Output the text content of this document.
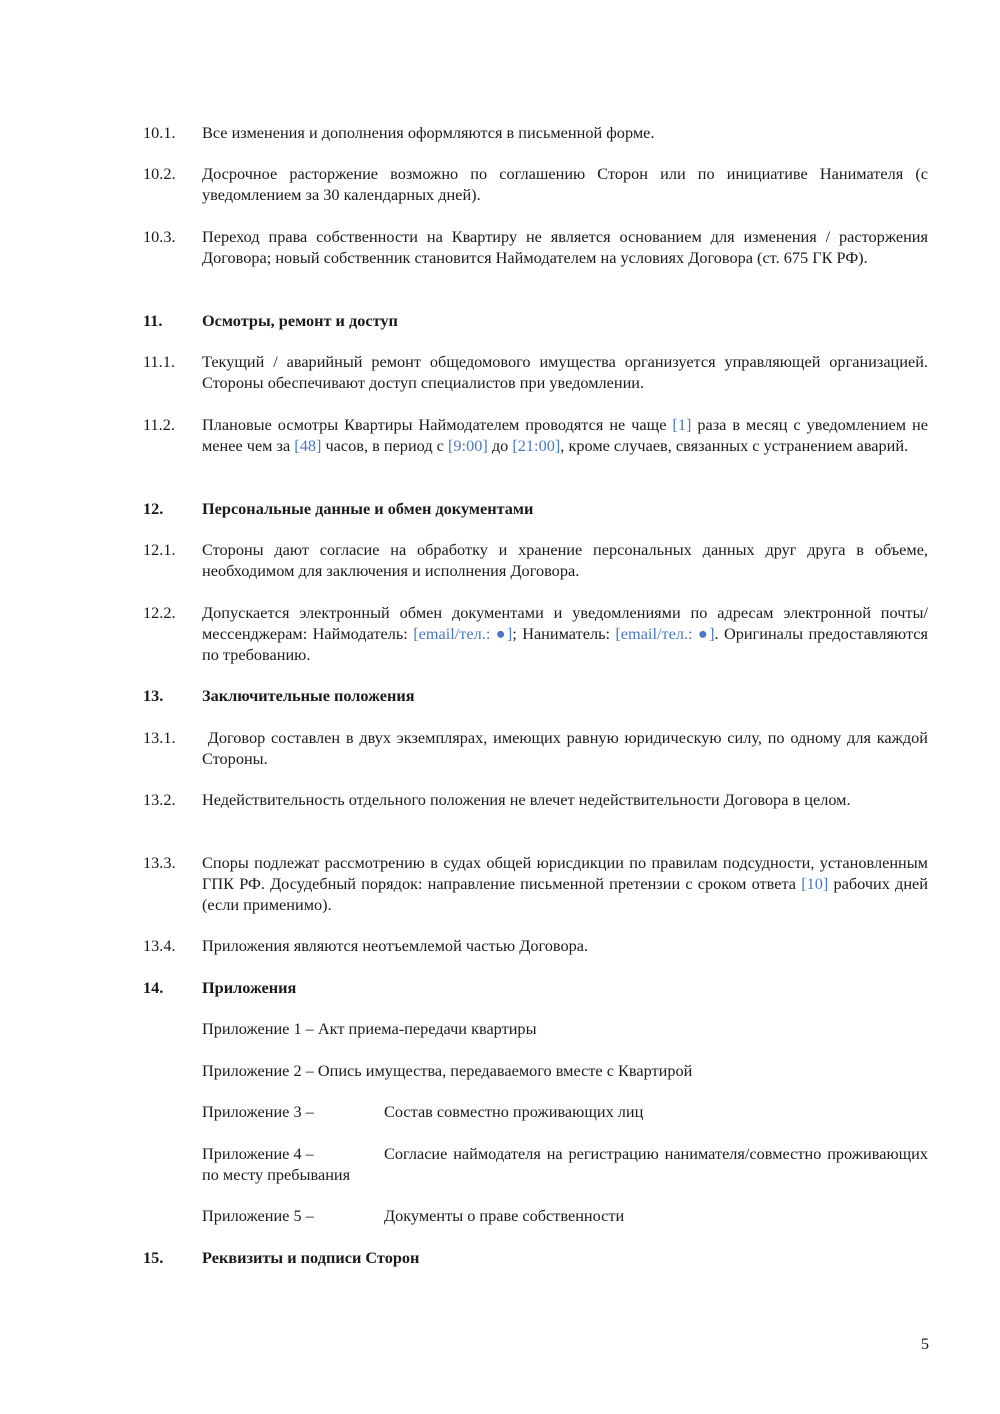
10.1.	Все изменения и дополнения оформляются в письменной форме.
10.2.	Досрочное расторжение возможно по соглашению Сторон или по инициативе Нанимателя (с уведомлением за 30 календарных дней).
10.3.	Переход права собственности на Квартиру не является основанием для изменения / расторжения Договора; новый собственник становится Наймодателем на условиях Договора (ст. 675 ГК РФ).
11.	Осмотры, ремонт и доступ
11.1.	Текущий / аварийный ремонт общедомового имущества организуется управляющей организацией. Стороны обеспечивают доступ специалистов при уведомлении.
11.2.	Плановые осмотры Квартиры Наймодателем проводятся не чаще [1] раза в месяц с уведомлением не менее чем за [48] часов, в период с [9:00] до [21:00], кроме случаев, связанных с устранением аварий.
12.	Персональные данные и обмен документами
12.1.	Стороны дают согласие на обработку и хранение персональных данных друг друга в объеме, необходимом для заключения и исполнения Договора.
12.2.	Допускается электронный обмен документами и уведомлениями по адресам электронной почты/мессенджерам: Наймодатель: [email/тел.: ●]; Наниматель: [email/тел.: ●]. Оригиналы предоставляются по требованию.
13.	Заключительные положения
13.1.	Договор составлен в двух экземплярах, имеющих равную юридическую силу, по одному для каждой Стороны.
13.2.	Недействительность отдельного положения не влечет недействительности Договора в целом.
13.3.	Споры подлежат рассмотрению в судах общей юрисдикции по правилам подсудности, установленным ГПК РФ. Досудебный порядок: направление письменной претензии с сроком ответа [10] рабочих дней (если применимо).
13.4.	Приложения являются неотъемлемой частью Договора.
14.	Приложения
Приложение 1 – Акт приема-передачи квартиры
Приложение 2 – Опись имущества, передаваемого вместе с Квартирой
Приложение 3 –	Состав совместно проживающих лиц
Приложение 4 –	Согласие наймодателя на регистрацию нанимателя/совместно проживающих по месту пребывания
Приложение 5 –	Документы о праве собственности
15.	Реквизиты и подписи Сторон
5
